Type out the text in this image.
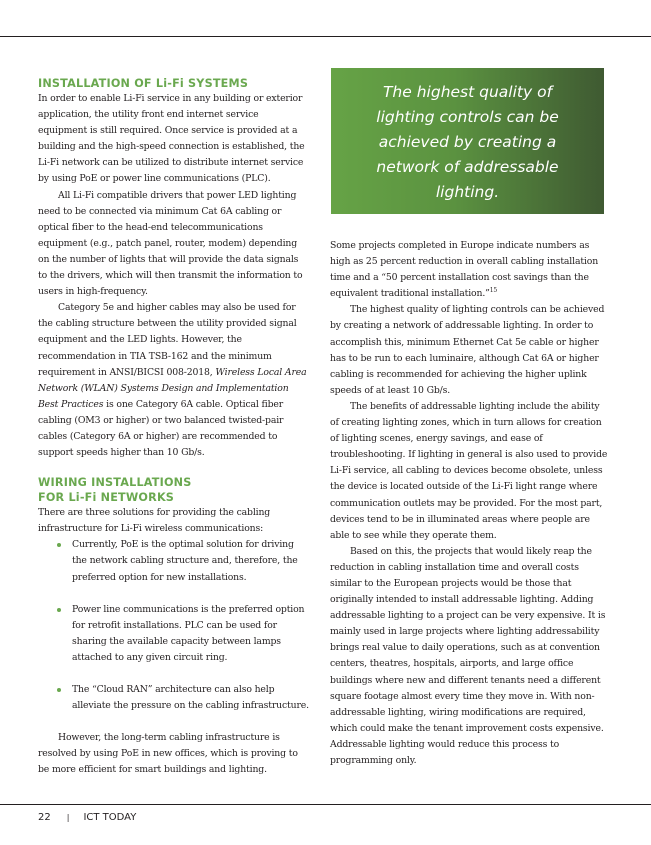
INSTALLATION OF Li-Fi SYSTEMS

In order to enable Li-Fi service in any building or exterior application, the utility front end internet service equipment is still required. Once service is provided at a building and the high-speed connection is established, the Li-Fi network can be utilized to distribute internet service by using PoE or power line communications (PLC).

All Li-Fi compatible drivers that power LED lighting need to be connected via minimum Cat 6A cabling or optical fiber to the head-end telecommunications equipment (e.g., patch panel, router, modem) depending on the number of lights that will provide the data signals to the drivers, which will then transmit the information to users in high-frequency.

Category 5e and higher cables may also be used for the cabling structure between the utility provided signal equipment and the LED lights. However, the recommendation in TIA TSB-162 and the minimum requirement in ANSI/BICSI 008-2018, Wireless Local Area Network (WLAN) Systems Design and Implementation Best Practices is one Category 6A cable. Optical fiber cabling (OM3 or higher) or two balanced twisted-pair cables (Category 6A or higher) are recommended to support speeds higher than 10 Gb/s.

WIRING INSTALLATIONS
FOR Li-Fi NETWORKS

There are three solutions for providing the cabling infrastructure for Li-Fi wireless communications:

Currently, PoE is the optimal solution for driving the network cabling structure and, therefore, the preferred option for new installations.
Power line communications is the preferred option for retrofit installations. PLC can be used for sharing the available capacity between lamps attached to any given circuit ring.
The “Cloud RAN” architecture can also help alleviate the pressure on the cabling infrastructure.

However, the long-term cabling infrastructure is resolved by using PoE in new offices, which is proving to be more efficient for smart buildings and lighting.

The highest quality of lighting controls can be achieved by creating a network of addressable lighting.

Some projects completed in Europe indicate numbers as high as 25 percent reduction in overall cabling installation time and a “50 percent installation cost savings than the equivalent traditional installation.”$^{15}$

The highest quality of lighting controls can be achieved by creating a network of addressable lighting. In order to accomplish this, minimum Ethernet Cat 5e cable or higher has to be run to each luminaire, although Cat 6A or higher cabling is recommended for achieving the higher uplink speeds of at least 10 Gb/s.

The benefits of addressable lighting include the ability of creating lighting zones, which in turn allows for creation of lighting scenes, energy savings, and ease of troubleshooting. If lighting in general is also used to provide Li-Fi service, all cabling to devices become obsolete, unless the device is located outside of the Li-Fi light range where communication outlets may be provided. For the most part, devices tend to be in illuminated areas where people are able to see while they operate them.

Based on this, the projects that would likely reap the reduction in cabling installation time and overall costs similar to the European projects would be those that originally intended to install addressable lighting. Adding addressable lighting to a project can be very expensive. It is mainly used in large projects where lighting addressability brings real value to daily operations, such as at convention centers, theatres, hospitals, airports, and large office buildings where new and different tenants need a different square footage almost every time they move in. With non-addressable lighting, wiring modifications are required, which could make the tenant improvement costs expensive. Addressable lighting would reduce this process to programming only.

22 | ICT TODAY
